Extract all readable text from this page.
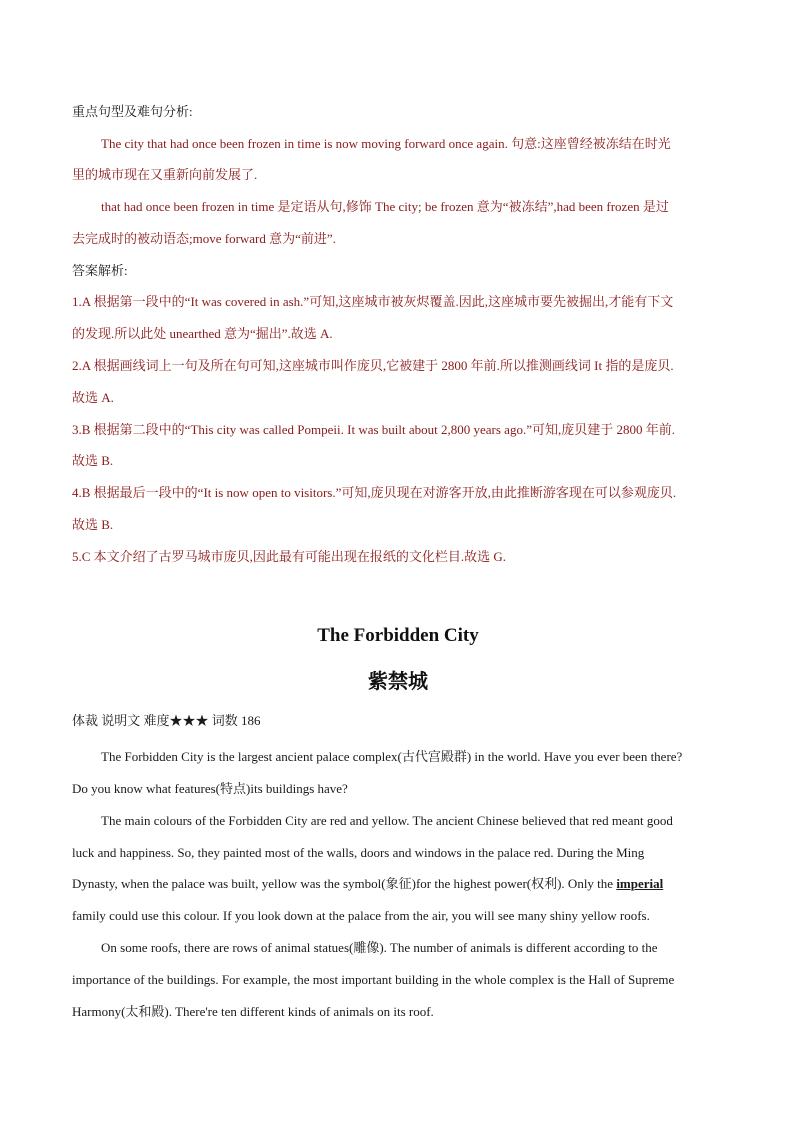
重点句型及难句分析:
The city that had once been frozen in time is now moving forward once again. 句意:这座曾经被冻结在时光
里的城市现在又重新向前发展了.
that had once been frozen in time 是定语从句,修饰 The city; be frozen 意为“被冻结”,had been frozen 是过
去完成时的被动语态;move forward 意为“前进”.
答案解析:
1.A 根据第一段中的“It was covered in ash.”可知,这座城市被灰烬覆盖.因此,这座城市要先被掘出,才能有下文
的发现.所以此处 unearthed 意为“掘出”.故选 A.
2.A 根据画线词上一句及所在句可知,这座城市叫作庞贝,它被建于 2800 年前.所以推测画线词 It 指的是庞贝.
故选 A.
3.B 根据第二段中的“This city was called Pompeii. It was built about 2,800 years ago.”可知,庞贝建于 2800 年前.
故选 B.
4.B 根据最后一段中的“It is now open to visitors.”可知,庞贝现在对游客开放,由此推断游客现在可以参观庞贝.
故选 B.
5.C 本文介绍了古罗马城市庞贝,因此最有可能出现在报纸的文化栏目.故选 G.
The Forbidden City
紫禁城
体裁 说明文 难度★★★ 词数 186
The Forbidden City is the largest ancient palace complex(古代宫殿群) in the world. Have you ever been there?
Do you know what features(特点)its buildings have?
The main colours of the Forbidden City are red and yellow. The ancient Chinese believed that red meant good
luck and happiness. So, they painted most of the walls, doors and windows in the palace red. During the Ming
Dynasty, when the palace was built, yellow was the symbol(象征)for the highest power(权利). Only the imperial
family could use this colour. If you look down at the palace from the air, you will see many shiny yellow roofs.
On some roofs, there are rows of animal statues(雕像). The number of animals is different according to the
importance of the buildings. For example, the most important building in the whole complex is the Hall of Supreme
Harmony(太和殿). There're ten different kinds of animals on its roof.
